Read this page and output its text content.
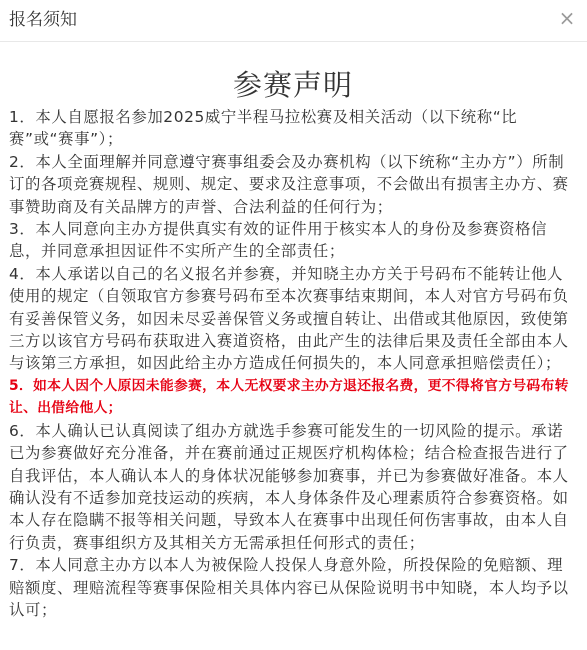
报名须知	×
参赛声明
1．本人自愿报名参加2025威宁半程马拉松赛及相关活动（以下统称“比赛”或“赛事”）；
2．本人全面理解并同意遵守赛事组委会及办赛机构（以下统称“主办方”）所制订的各项竞赛规程、规则、规定、要求及注意事项，不会做出有损害主办方、赛事赞助商及有关品牌方的声誉、合法利益的任何行为；
3．本人同意向主办方提供真实有效的证件用于核实本人的身份及参赛资格信息，并同意承担因证件不实所产生的全部责任；
4．本人承诺以自己的名义报名并参赛，并知晓主办方关于号码布不能转让他人使用的规定（自领取官方参赛号码布至本次赛事结束期间，本人对官方号码布负有妥善保管义务，如因未尽妥善保管义务或擅自转让、出借或其他原因，致使第三方以该官方号码布获取进入赛道资格，由此产生的法律后果及责任全部由本人与该第三方承担，如因此给主办方造成任何损失的，本人同意承担赔偿责任）；
5．如本人因个人原因未能参赛，本人无权要求主办方退还报名费，更不得将官方号码布转让、出借给他人；
6．本人确认已认真阅读了组办方就选手参赛可能发生的一切风险的提示。承诺已为参赛做好充分准备，并在赛前通过正规医疗机构体检；结合检查报告进行了自我评估，本人确认本人的身体状况能够参加赛事，并已为参赛做好准备。本人确认没有不适参加竞技运动的疾病，本人身体条件及心理素质符合参赛资格。如本人存在隐瞒不报等相关问题，导致本人在赛事中出现任何伤害事故，由本人自行负责，赛事组织方及其相关方无需承担任何形式的责任；
7．本人同意主办方以本人为被保险人投保人身意外险，所投保险的免赔额、理赔额度、理赔流程等赛事保险相关具体内容已从保险说明书中知晓，本人均予以认可；
